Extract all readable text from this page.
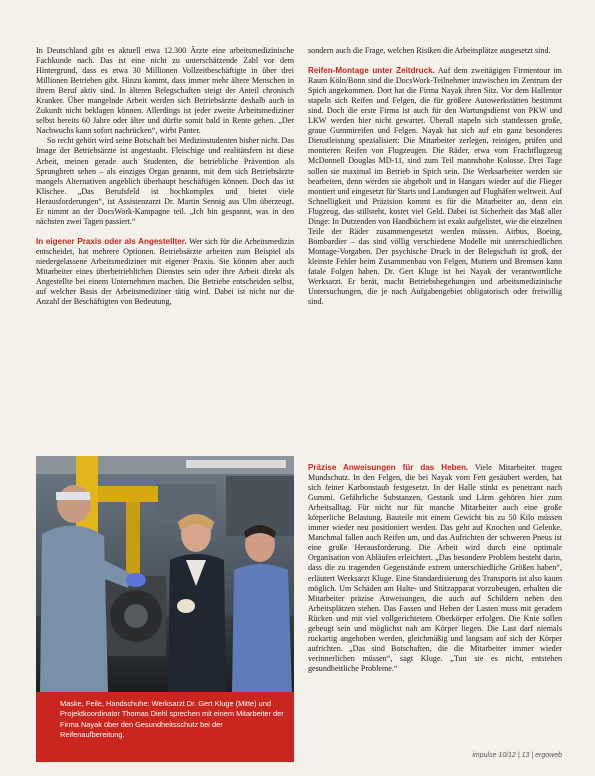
In Deutschland gibt es aktuell etwa 12.300 Ärzte eine arbeitsmedizinische Fachkunde nach. Das ist eine nicht zu unterschätzende Zahl vor dem Hintergrund, dass es etwa 30 Millionen Vollzeitbeschäftigte in über drei Millionen Betrieben gibt. Hinzu kommt, dass immer mehr ältere Menschen in ihrem Beruf aktiv sind. In älteren Belegschaften steigt der Anteil chronisch Kranker. Über mangelnde Arbeit werden sich Betriebsärzte deshalb auch in Zukunft nicht beklagen können. Allerdings ist jeder zweite Arbeitsmediziner selbst bereits 60 Jahre oder älter und dürfte somit bald in Rente gehen. „Der Nachwuchs kann sofort nachrücken“, wirbt Panter.

So recht gehört wird seine Botschaft bei Medizinstudenten bisher nicht. Das Image der Betriebsärzte ist angestaubt. Fleischige und realitätsfern ist diese Arbeit, meinen gerade auch Studenten, die betriebliche Prävention als Sprungbrett sehen – als einziges Organ genannt, mit dem sich Betriebsärzte mangels Alternativen angeblich überhaupt beschäftigen können. Doch das ist Klischee. „Das Berufsfeld ist hochkomplex und bietet viele Herausforderungen“, ist Assistenzarzt Dr. Martin Sennig aus Ulm überzeugt. Er nimmt an der DocsWork-Kampagne teil. „Ich bin gespannt, was in den nächsten zwei Tagen passiert.“

In eigener Praxis oder als Angestellter. Wer sich für die Arbeitsmedizin entscheidet, hat mehrere Optionen. Betriebsärzte arbeiten zum Beispiel als niedergelassene Arbeitsmediziner mit eigener Praxis. Sie können aber auch Mitarbeiter eines überbetrieblichen Dienstes sein oder ihre Arbeit direkt als Angestellte bei einem Unternehmen machen. Die Betriebe entscheiden selbst, auf welcher Basis der Arbeitsmediziner tätig wird. Dabei ist nicht nur die Anzahl der Beschäftigten von Bedeutung,

sondern auch die Frage, welchen Risiken die Arbeitsplätze ausgesetzt sind.

Reifen-Montage unter Zeitdruck. Auf dem zweitägigen Firmentour im Raum Köln/Bonn sind die DocsWork-Teilnehmer inzwischen im Zentrum der Spich angekommen. Dort hat die Firma Nayak ihren Sitz. Vor dem Hallentor stapeln sich Reifen und Felgen, die für größere Autowerkstätten bestimmt sind. Doch die erste Firma ist auch für den Wartungsdienst von PKW und LKW werden hier nicht gewartet. Überall stapeln sich stattdessen große, graue Gummireifen und Felgen. Nayak hat sich auf ein ganz besonderes Dienstleistung spezialisiert: Die Mitarbeiter zerlegen, reinigen, prüfen und montieren Reifen von Flugzeugen. Die Räder, etwa vom Frachtflugzeug McDonnell Douglas MD-11, sind zum Teil mannshohe Kolosse. Drei Tage sollen sie maximal im Betrieb in Spich sein. Die Werksarbeiter werden sie bearbeiten, denn werden sie abgeholt und in Hangars wieder auf die Flieger montiert und eingesetzt für Starts und Landungen auf Flughäfen weltweit. Auf Schnelligkeit und Präzision kommt es für die Mitarbeiter an, denn ein Flugzeug, das stillsteht, kostet viel Geld. Dabei ist Sicherheit das Maß aller Dinge: In Dutzenden von Handbüchern ist exakt aufgelistet, wie die einzelnen Teile der Räder zusammengesetzt werden müssen. Airbus, Boeing, Bombardier – das sind völlig verschiedene Modelle mit unterschiedlichen Montage-Vorgaben. Der psychische Druck in der Belegschaft ist groß, der kleinste Fehler beim Zusammenbau von Felgen, Muttern und Bremsen kann fatale Folgen haben. Dr. Gert Kluge ist bei Nayak der verantwortliche Werksarzt. Er berät, macht Betriebsbegehungen und arbeitsmedizinische Untersuchungen, die je nach Aufgabengebiet obligatorisch oder freiwillig sind.

Präzise Anweisungen für das Heben. Viele Mitarbeiter tragen Mundschutz. In den Felgen, die bei Nayak vom Fett gesäubert werden, hat sich feiner Karbonstaub festgesetzt. In der Halle stinkt es penetrant nach Gummi. Gefährliche Substanzen, Gestank und Lärm gehören hier zum Arbeitsalltag. Für nicht nur für manche Mitarbeiter auch eine große körperliche Belastung. Bauteile mit einem Gewicht bis zu 50 Kilo müssen immer wieder neu positioniert werden. Das geht auf Knochen und Gelenke. Manchmal fallen auch Reifen um, und das Aufrichten der schweren Pneus ist eine große Herausforderung. Die Arbeit wird durch eine optimale Organisation von Abläufen erleichtert. „Das besondere Problem besteht darin, dass die zu tragenden Gegenstände extrem unterschiedliche Größen haben“, erläutert Werksarzt Kluge. Eine Standardisierung des Transports ist also kaum möglich. Um Schäden am Halte- und Stützapparat vorzubeugen, erhalten die Mitarbeiter präzise Anweisungen, die auch auf Schildern neben den Arbeitsplätzen stehen. Das Fassen und Heben der Lasten muss mit geradem Rücken und mit viel vollgerichtetem Oberkörper erfolgen. Die Knie sollen gebeugt sein und möglichst nah am Körper liegen. Die Last darf niemals ruckartig angehoben werden, gleichmäßig und langsam auf sich der Körper aufrichten. „Das sind Botschaften, die die Mitarbeiter immer wieder verinnerlichen müssen“, sagt Kluge. „Tun sie es nicht, entstehen gesundheitliche Probleme.“

Maske, Feile, Handschuhe: Werksarzt Dr. Gert Kluge (Mitte) und Projektkoordinator Thomas Diehl sprechen mit einem Mitarbeiter der Firma Nayak über den Gesundheitsschutz bei der Reifenaufbereitung.
impulse 10/12 | 13 | ergoweb
